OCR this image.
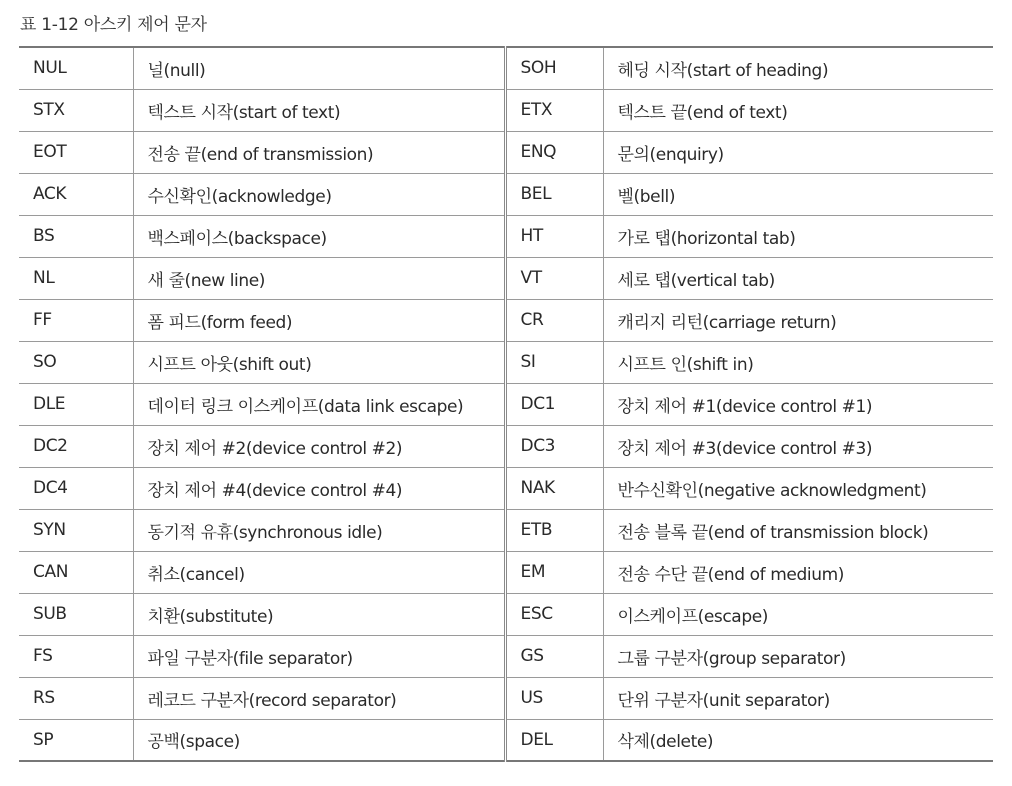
표 1-12 아스키 제어 문자
NUL	널(null)	SOH	헤딩 시작(start of heading)
STX	텍스트 시작(start of text)	ETX	텍스트 끝(end of text)
EOT	전송 끝(end of transmission)	ENQ	문의(enquiry)
ACK	수신확인(acknowledge)	BEL	벨(bell)
BS	백스페이스(backspace)	HT	가로 탭(horizontal tab)
NL	새 줄(new line)	VT	세로 탭(vertical tab)
FF	폼 피드(form feed)	CR	캐리지 리턴(carriage return)
SO	시프트 아웃(shift out)	SI	시프트 인(shift in)
DLE	데이터 링크 이스케이프(data link escape)	DC1	장치 제어 #1(device control #1)
DC2	장치 제어 #2(device control #2)	DC3	장치 제어 #3(device control #3)
DC4	장치 제어 #4(device control #4)	NAK	반수신확인(negative acknowledgment)
SYN	동기적 유휴(synchronous idle)	ETB	전송 블록 끝(end of transmission block)
CAN	취소(cancel)	EM	전송 수단 끝(end of medium)
SUB	치환(substitute)	ESC	이스케이프(escape)
FS	파일 구분자(file separator)	GS	그룹 구분자(group separator)
RS	레코드 구분자(record separator)	US	단위 구분자(unit separator)
SP	공백(space)	DEL	삭제(delete)
